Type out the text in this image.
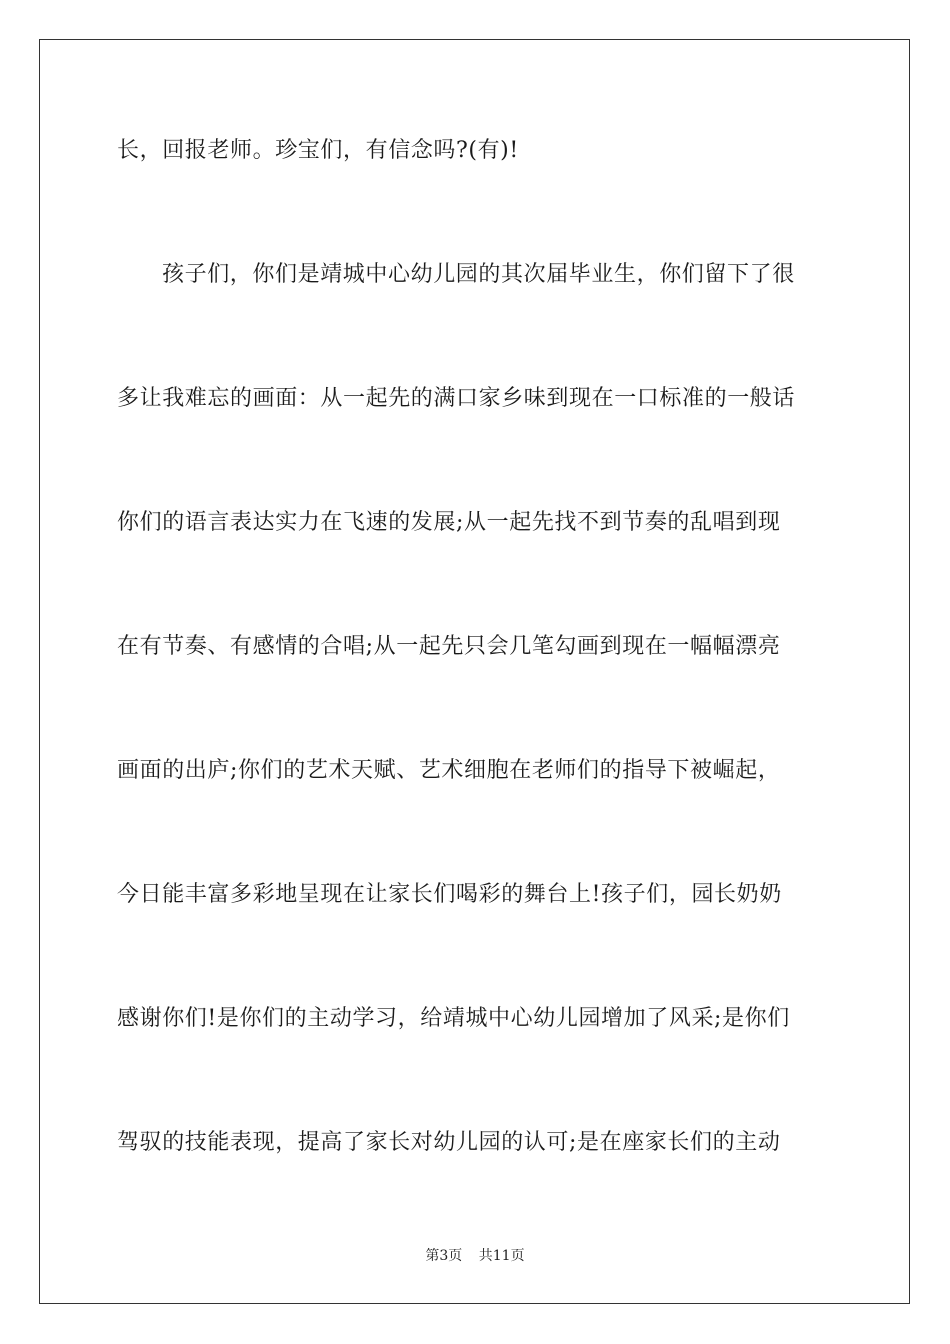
长，回报老师。珍宝们，有信念吗?(有)!
孩子们，你们是靖城中心幼儿园的其次届毕业生，你们留下了很
多让我难忘的画面：从一起先的满口家乡味到现在一口标准的一般话
你们的语言表达实力在飞速的发展;从一起先找不到节奏的乱唱到现
在有节奏、有感情的合唱;从一起先只会几笔勾画到现在一幅幅漂亮
画面的出庐;你们的艺术天赋、艺术细胞在老师们的指导下被崛起，
今日能丰富多彩地呈现在让家长们喝彩的舞台上!孩子们，园长奶奶
感谢你们!是你们的主动学习，给靖城中心幼儿园增加了风采;是你们
驾驭的技能表现，提高了家长对幼儿园的认可;是在座家长们的主动
第3页 共11页
